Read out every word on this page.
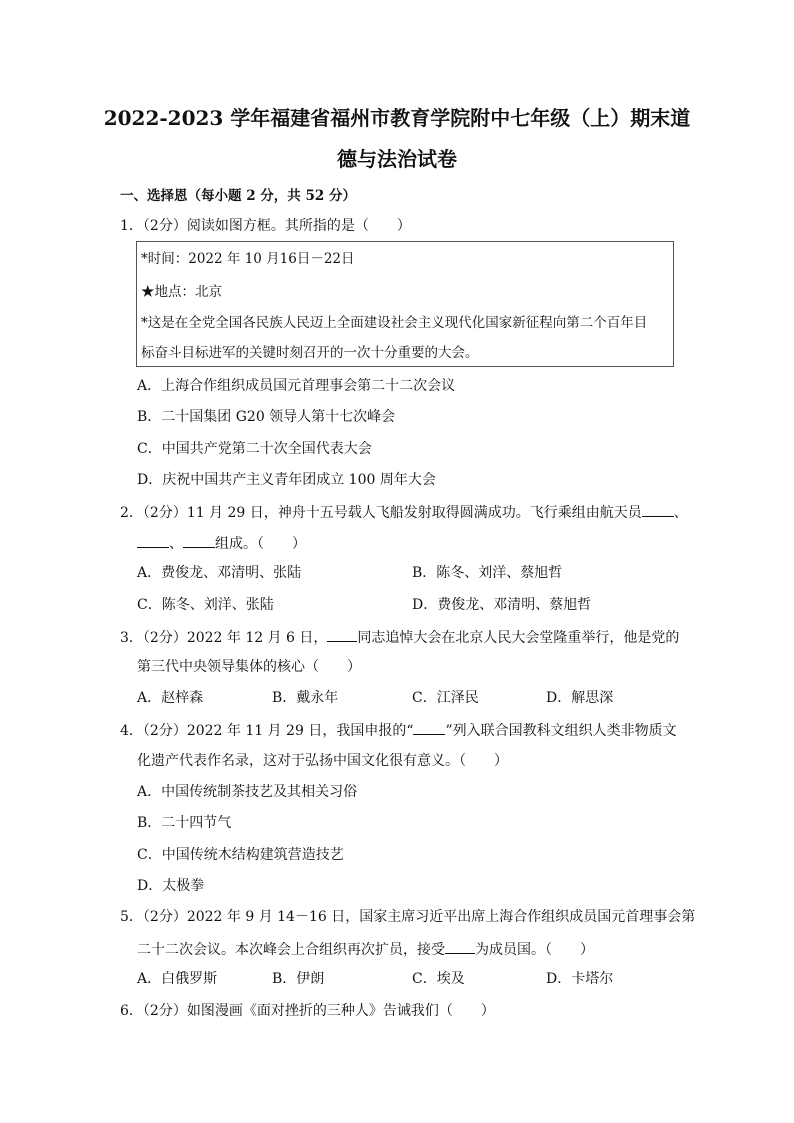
2022-2023 学年福建省福州市教育学院附中七年级（上）期末道
德与法治试卷
一、选择恩（每小题 2 分，共 52 分）
1．（2分）阅读如图方框。其所指的是（　　）
*时间：2022 年 10 月16日－22日
★地点：北京
*这是在全党全国各民族人民迈上全面建设社会主义现代化国家新征程向第二个百年目
标奋斗目标进军的关键时刻召开的一次十分重要的大会。
A．上海合作组织成员国元首理事会第二十二次会议
B．二十国集团 G20 领导人第十七次峰会
C．中国共产党第二十次全国代表大会
D．庆祝中国共产主义青年团成立 100 周年大会
2．（2分）11 月 29 日，神舟十五号载人飞船发射取得圆满成功。飞行乘组由航天员 、
、 组成。（　　）
A．费俊龙、邓清明、张陆	B．陈冬、刘洋、蔡旭哲
C．陈冬、刘洋、张陆	D．费俊龙、邓清明、蔡旭哲
3．（2分）2022 年 12 月 6 日， 同志追悼大会在北京人民大会堂隆重举行，他是党的
第三代中央领导集体的核心（　　）
A．赵梓森	B．戴永年	C．江泽民	D．解思深
4．（2分）2022 年 11 月 29 日，我国申报的“ ”列入联合国教科文组织人类非物质文
化遗产代表作名录，这对于弘扬中国文化很有意义。（　　）
A．中国传统制茶技艺及其相关习俗
B．二十四节气
C．中国传统木结构建筑营造技艺
D．太极拳
5．（2分）2022 年 9 月 14－16 日，国家主席习近平出席上海合作组织成员国元首理事会第
二十二次会议。本次峰会上合组织再次扩员，接受 为成员国。（　　）
A．白俄罗斯	B．伊朗	C．埃及	D．卡塔尔
6．（2分）如图漫画《面对挫折的三种人》告诫我们（　　）
